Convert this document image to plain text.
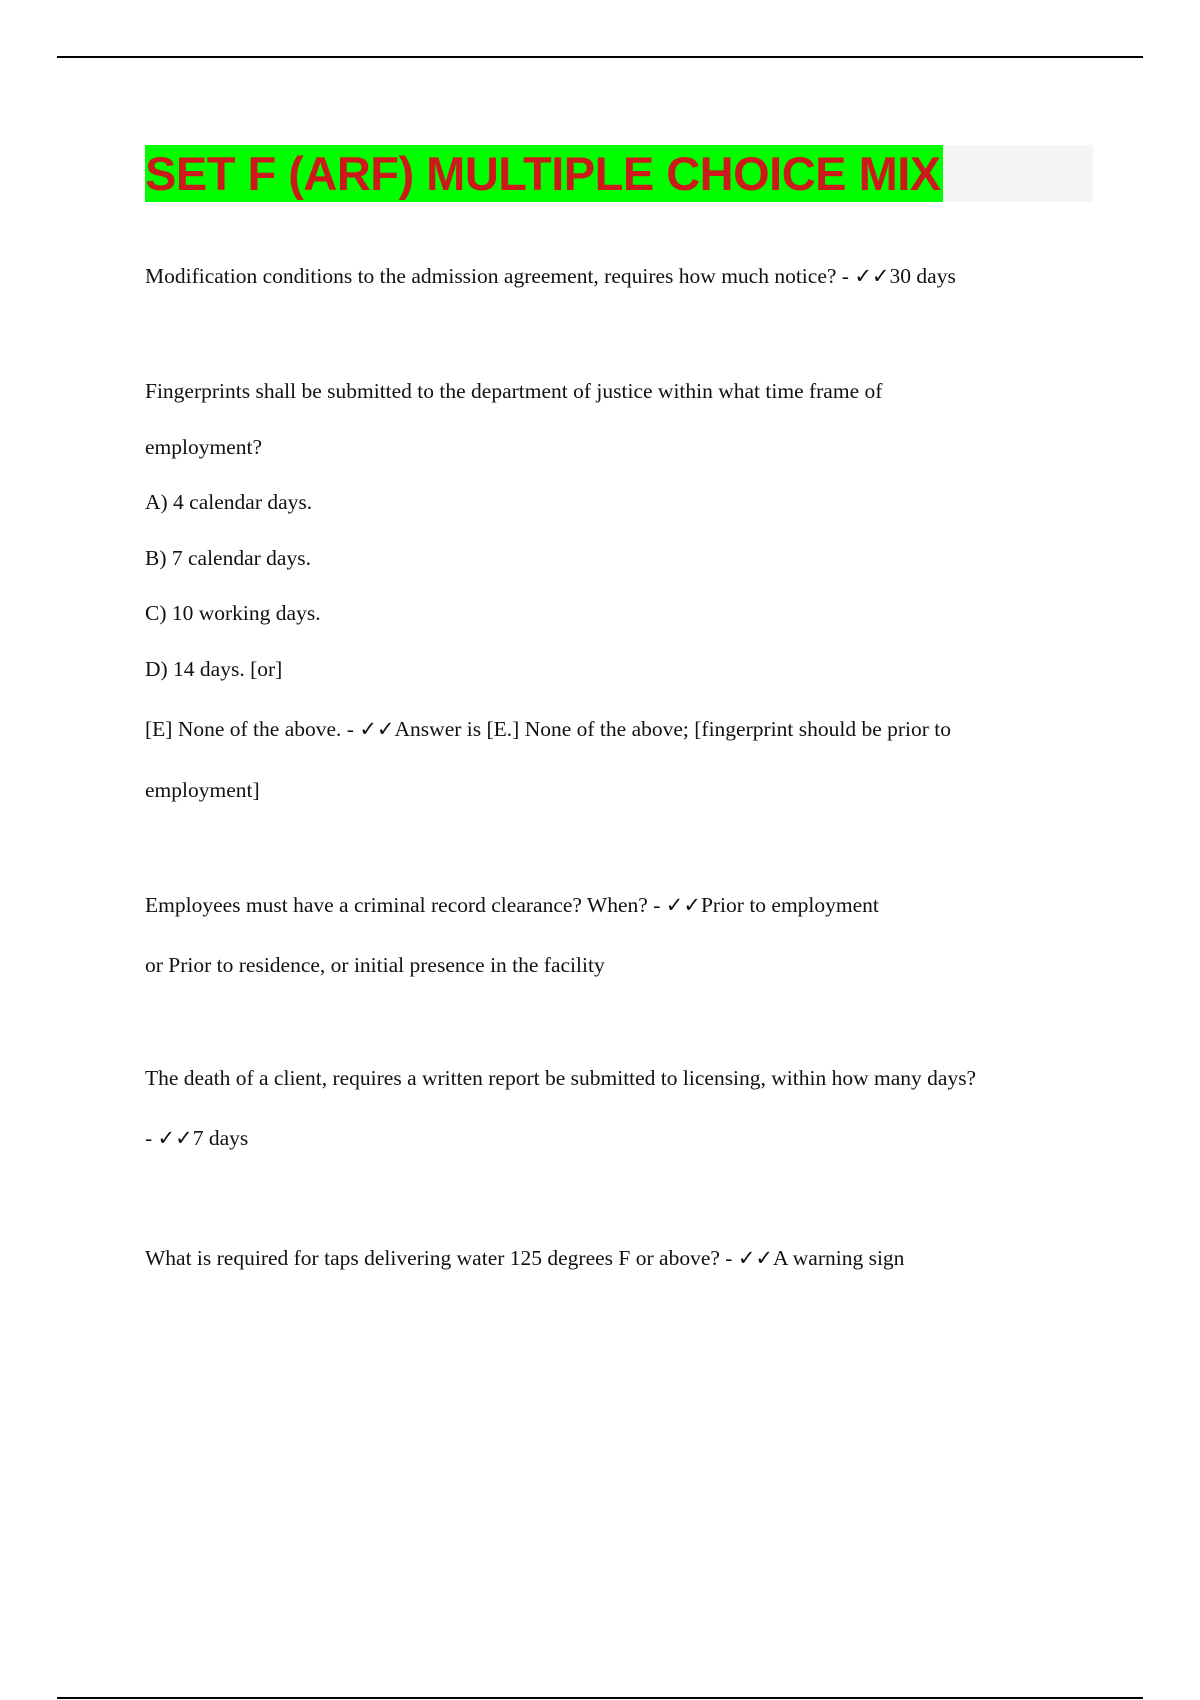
SET F (ARF) MULTIPLE CHOICE MIX
Modification conditions to the admission agreement, requires how much notice? - ✓✓30 days
Fingerprints shall be submitted to the department of justice within what time frame of
employment?
A) 4 calendar days.
B) 7 calendar days.
C) 10 working days.
D) 14 days. [or]
[E] None of the above. - ✓✓Answer is [E.] None of the above; [fingerprint should be prior to
employment]
Employees must have a criminal record clearance? When? - ✓✓Prior to employment
or Prior to residence, or initial presence in the facility
The death of a client, requires a written report be submitted to licensing, within how many days?
- ✓✓7 days
What is required for taps delivering water 125 degrees F or above? - ✓✓A warning sign
